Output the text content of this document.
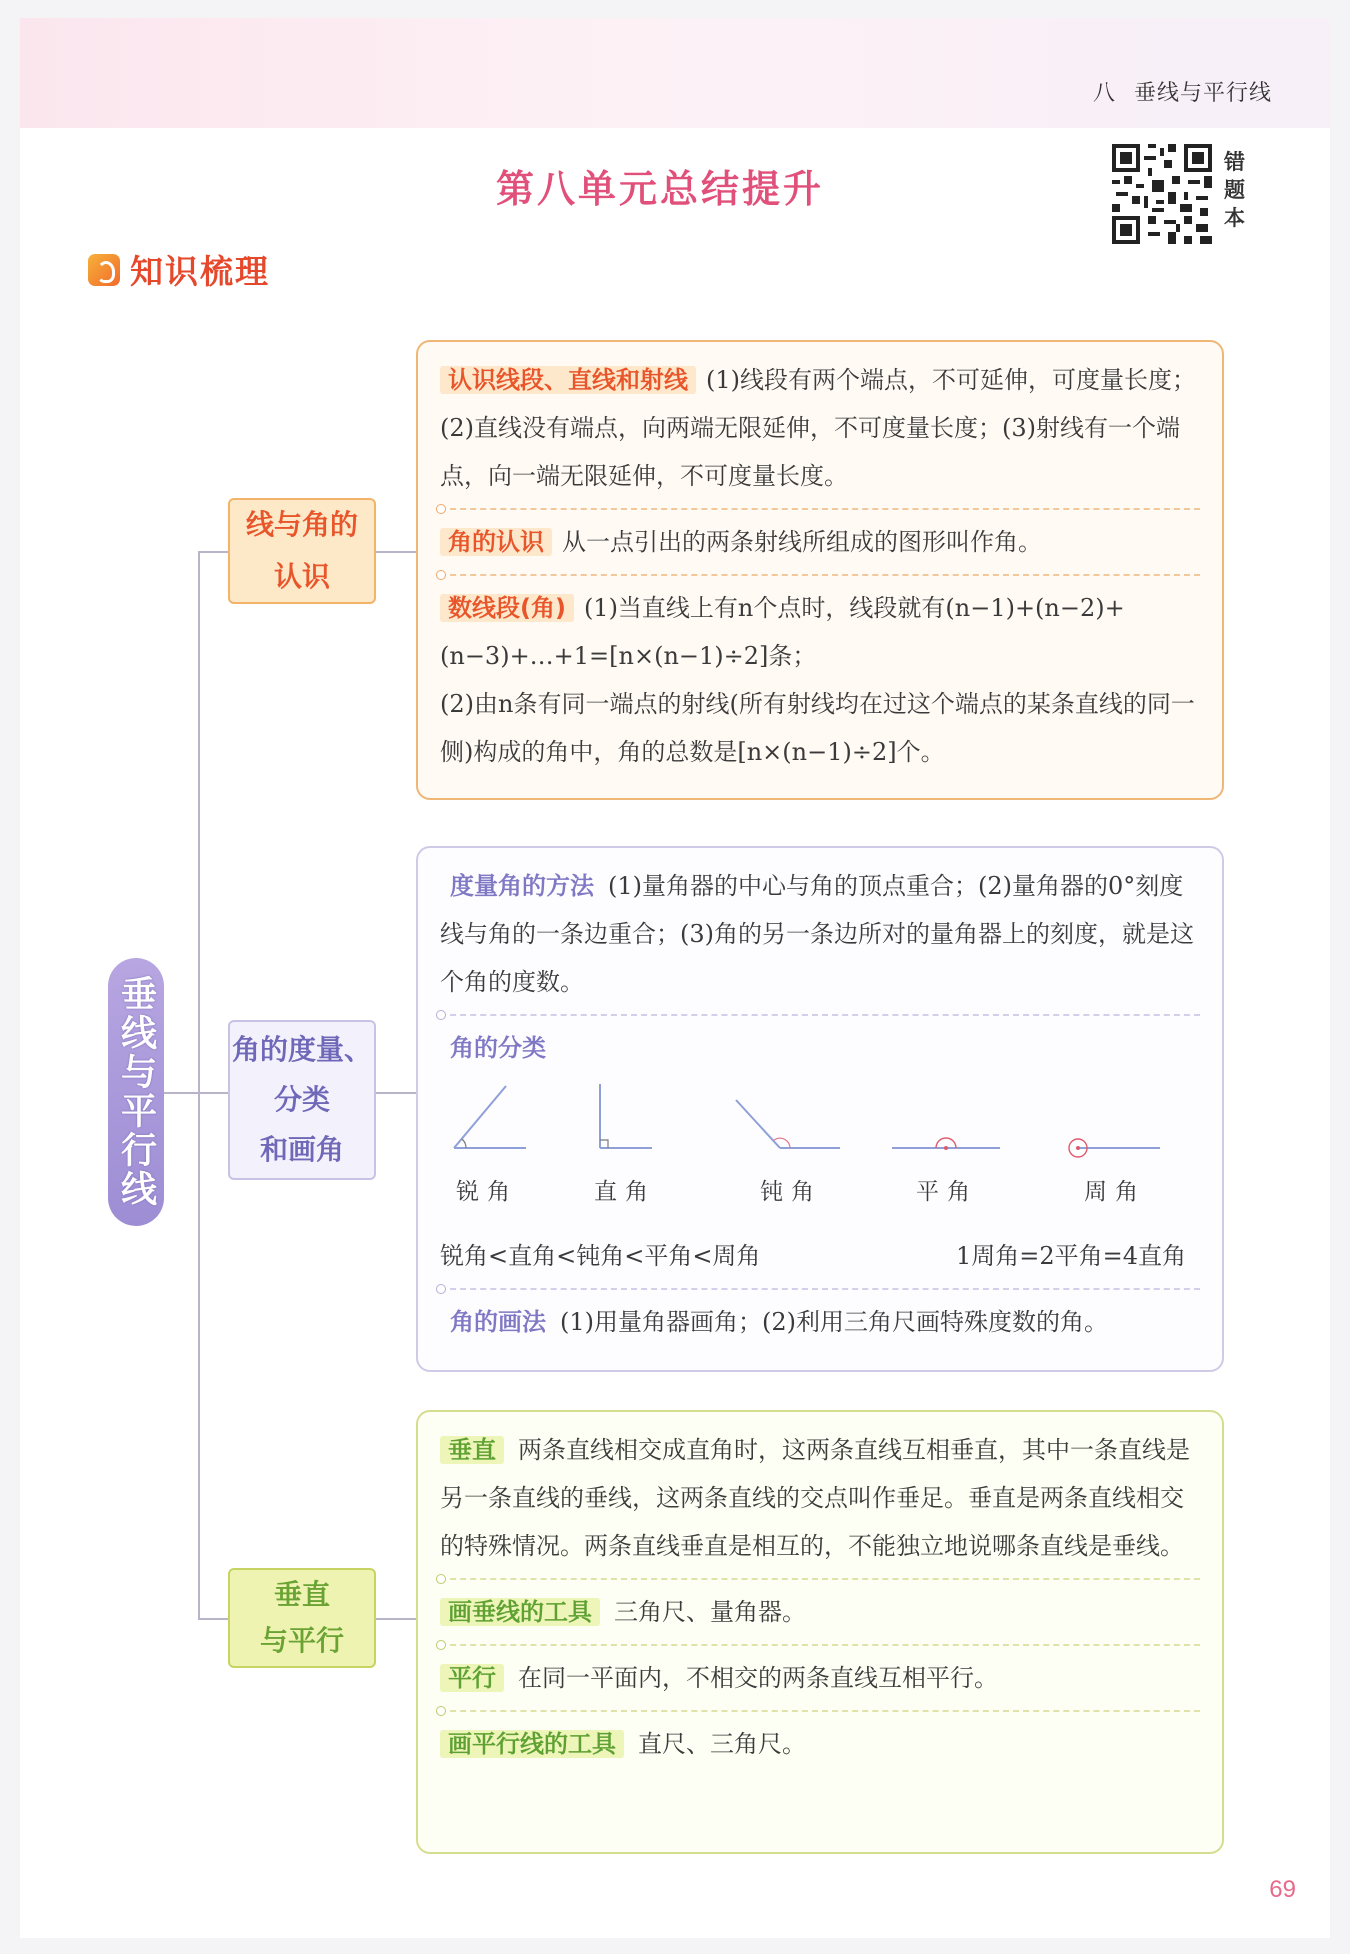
八 垂线与平行线
第八单元总结提升
错题本
知识梳理
垂线与平行线
线与角的
认识
角的度量、
分类
和画角
垂直
与平行
认识线段、直线和射线 (1)线段有两个端点，不可延伸，可度量长度；(2)直线没有端点，向两端无限延伸，不可度量长度；(3)射线有一个端点，向一端无限延伸，不可度量长度。
角的认识 从一点引出的两条射线所组成的图形叫作角。
数线段(角) (1)当直线上有n个点时，线段就有(n−1)+(n−2)+(n−3)+…+1=[n×(n−1)÷2]条；
(2)由n条有同一端点的射线(所有射线均在过这个端点的某条直线的同一侧)构成的角中，角的总数是[n×(n−1)÷2]个。
度量角的方法 (1)量角器的中心与角的顶点重合；(2)量角器的0°刻度线与角的一条边重合；(3)角的另一条边所对的量角器上的刻度，就是这个角的度数。
角的分类
锐角	直角	钝角	平角	周角
锐角<直角<钝角<平角<周角	1周角=2平角=4直角
角的画法 (1)用量角器画角；(2)利用三角尺画特殊度数的角。
垂直 两条直线相交成直角时，这两条直线互相垂直，其中一条直线是另一条直线的垂线，这两条直线的交点叫作垂足。垂直是两条直线相交的特殊情况。两条直线垂直是相互的，不能独立地说哪条直线是垂线。
画垂线的工具 三角尺、量角器。
平行 在同一平面内，不相交的两条直线互相平行。
画平行线的工具 直尺、三角尺。
69
